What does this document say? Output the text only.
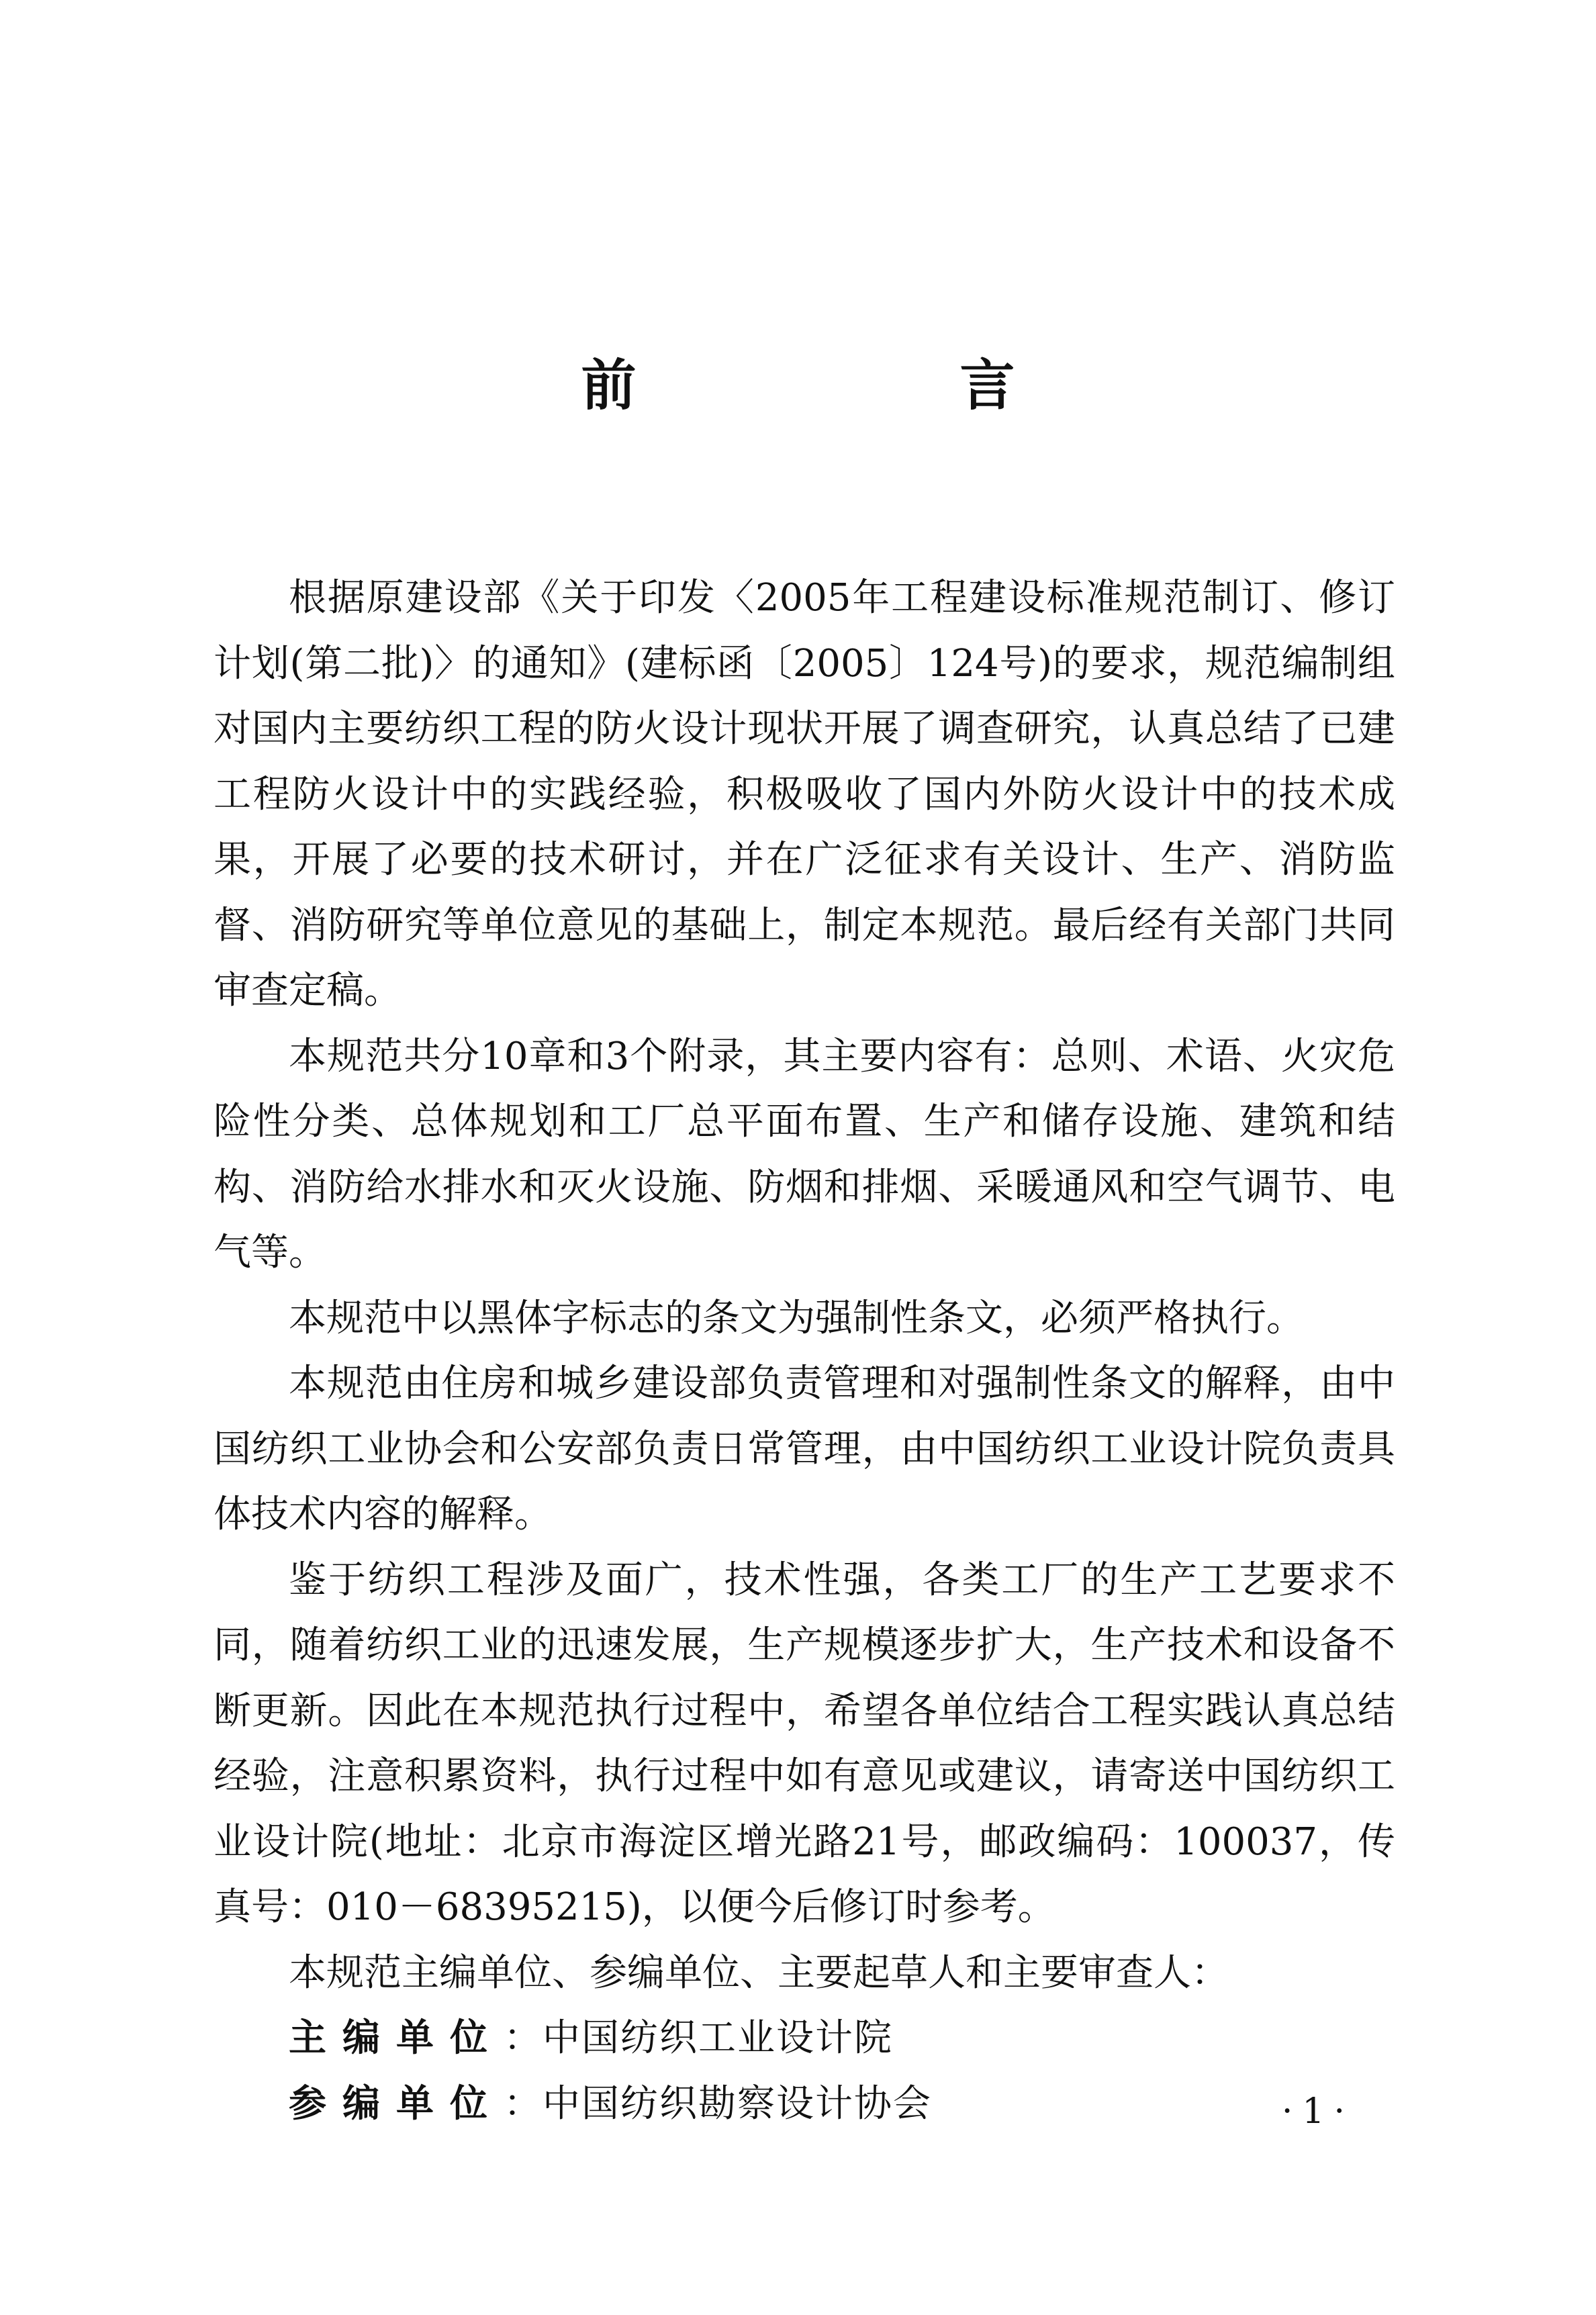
前　言

根据原建设部《关于印发〈2005年工程建设标准规范制订、修订计划(第二批)〉的通知》(建标函〔2005〕124号)的要求，规范编制组对国内主要纺织工程的防火设计现状开展了调查研究，认真总结了已建工程防火设计中的实践经验，积极吸收了国内外防火设计中的技术成果，开展了必要的技术研讨，并在广泛征求有关设计、生产、消防监督、消防研究等单位意见的基础上，制定本规范。最后经有关部门共同审查定稿。

本规范共分10章和3个附录，其主要内容有：总则、术语、火灾危险性分类、总体规划和工厂总平面布置、生产和储存设施、建筑和结构、消防给水排水和灭火设施、防烟和排烟、采暖通风和空气调节、电气等。

本规范中以黑体字标志的条文为强制性条文，必须严格执行。

本规范由住房和城乡建设部负责管理和对强制性条文的解释，由中国纺织工业协会和公安部负责日常管理，由中国纺织工业设计院负责具体技术内容的解释。

鉴于纺织工程涉及面广，技术性强，各类工厂的生产工艺要求不同，随着纺织工业的迅速发展，生产规模逐步扩大，生产技术和设备不断更新。因此在本规范执行过程中，希望各单位结合工程实践认真总结经验，注意积累资料，执行过程中如有意见或建议，请寄送中国纺织工业设计院(地址：北京市海淀区增光路21号，邮政编码：100037，传真号：010－68395215)，以便今后修订时参考。

本规范主编单位、参编单位、主要起草人和主要审查人：

主编单位：中国纺织工业设计院

参编单位：中国纺织勘察设计协会	·1·
